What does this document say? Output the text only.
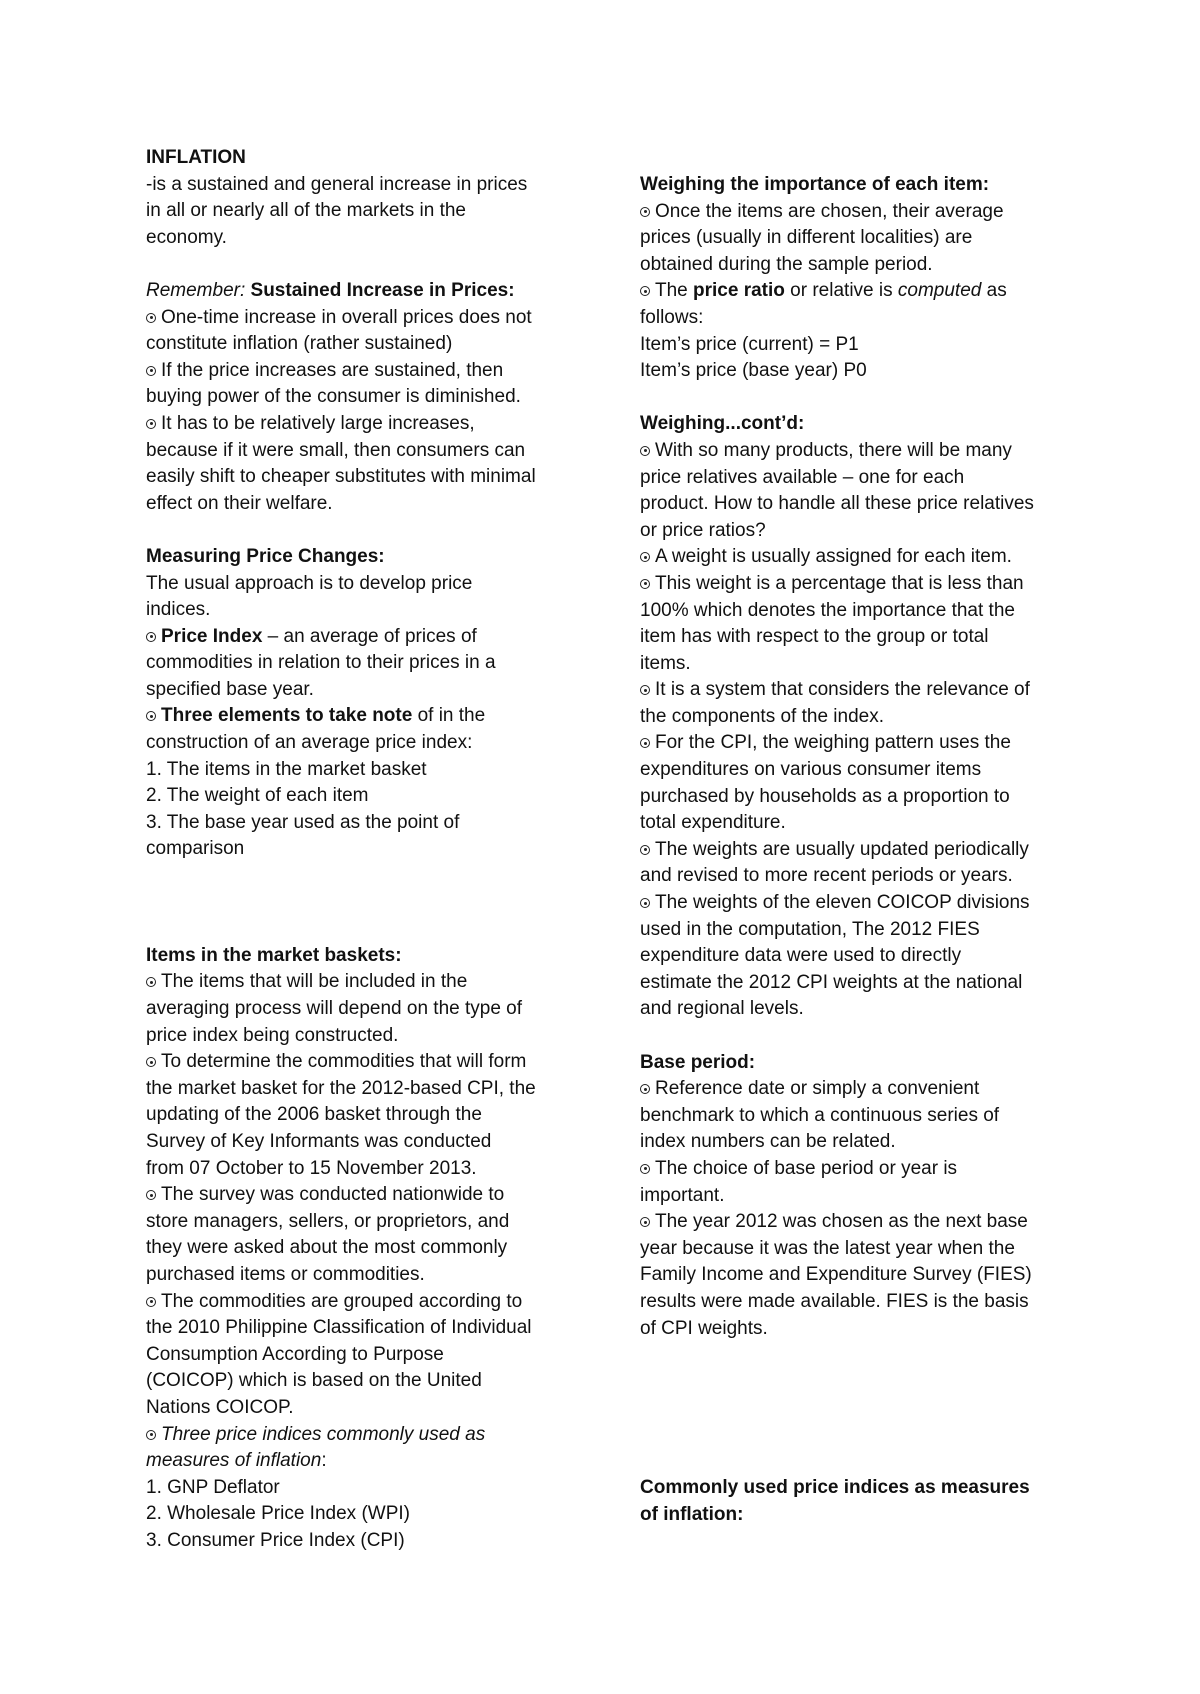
INFLATION
-is a sustained and general increase in prices
in all or nearly all of the markets in the
economy.
Remember: Sustained Increase in Prices:
One-time increase in overall prices does not
constitute inflation (rather sustained)
If the price increases are sustained, then
buying power of the consumer is diminished.
It has to be relatively large increases,
because if it were small, then consumers can
easily shift to cheaper substitutes with minimal
effect on their welfare.
Measuring Price Changes:
The usual approach is to develop price
indices.
Price Index – an average of prices of
commodities in relation to their prices in a
specified base year.
Three elements to take note of in the
construction of an average price index:
1. The items in the market basket
2. The weight of each item
3. The base year used as the point of
comparison
Items in the market baskets:
The items that will be included in the
averaging process will depend on the type of
price index being constructed.
To determine the commodities that will form
the market basket for the 2012-based CPI, the
updating of the 2006 basket through the
Survey of Key Informants was conducted
from 07 October to 15 November 2013.
The survey was conducted nationwide to
store managers, sellers, or proprietors, and
they were asked about the most commonly
purchased items or commodities.
The commodities are grouped according to
the 2010 Philippine Classification of Individual
Consumption According to Purpose
(COICOP) which is based on the United
Nations COICOP.
Three price indices commonly used as
measures of inflation:
1. GNP Deflator
2. Wholesale Price Index (WPI)
3. Consumer Price Index (CPI)
Weighing the importance of each item:
Once the items are chosen, their average
prices (usually in different localities) are
obtained during the sample period.
The price ratio or relative is computed as
follows:
Item’s price (current) = P1
Item’s price (base year) P0
Weighing...cont’d:
With so many products, there will be many
price relatives available – one for each
product. How to handle all these price relatives
or price ratios?
A weight is usually assigned for each item.
This weight is a percentage that is less than
100% which denotes the importance that the
item has with respect to the group or total
items.
It is a system that considers the relevance of
the components of the index.
For the CPI, the weighing pattern uses the
expenditures on various consumer items
purchased by households as a proportion to
total expenditure.
The weights are usually updated periodically
and revised to more recent periods or years.
The weights of the eleven COICOP divisions
used in the computation, The 2012 FIES
expenditure data were used to directly
estimate the 2012 CPI weights at the national
and regional levels.
Base period:
Reference date or simply a convenient
benchmark to which a continuous series of
index numbers can be related.
The choice of base period or year is
important.
The year 2012 was chosen as the next base
year because it was the latest year when the
Family Income and Expenditure Survey (FIES)
results were made available. FIES is the basis
of CPI weights.
Commonly used price indices as measures
of inflation:
